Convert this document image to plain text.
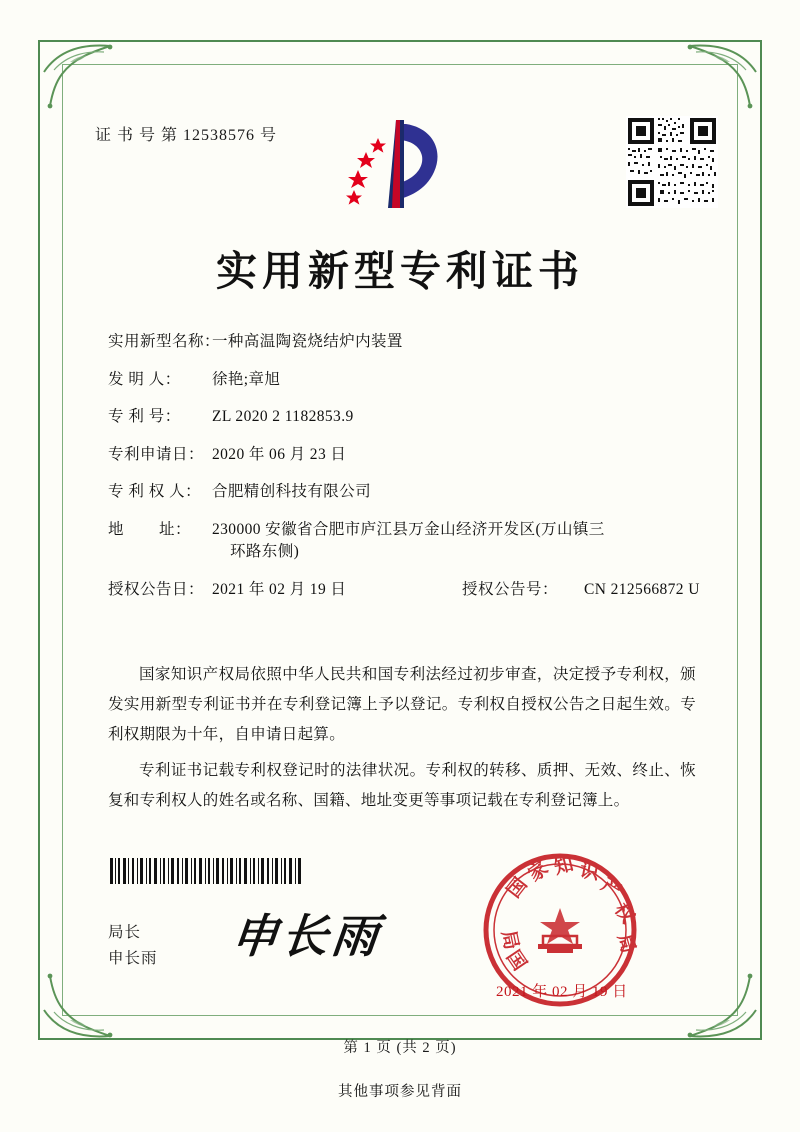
证 书 号 第 12538576 号
实用新型专利证书
实用新型名称：
一种高温陶瓷烧结炉内装置
发 明 人：	徐艳;章旭
专 利 号：	ZL 2020 2 1182853.9
专利申请日： 2020 年 06 月 23 日
专 利 权 人： 合肥精创科技有限公司
地        址：	230000 安徽省合肥市庐江县万金山经济开发区(万山镇三
环路东侧)
授权公告日： 2021 年 02 月 19 日	授权公告号：	CN 212566872 U

国家知识产权局依照中华人民共和国专利法经过初步审查，决定授予专利权，颁发实用新型专利证书并在专利登记簿上予以登记。专利权自授权公告之日起生效。专利权期限为十年，自申请日起算。

专利证书记载专利权登记时的法律状况。专利权的转移、质押、无效、终止、恢复和专利权人的姓名或名称、国籍、地址变更等事项记载在专利登记簿上。

局长
申长雨 申长雨
国
家 知 识
产
权
局
国
局
2021 年 02 月 19 日
第 1 页 (共 2 页)
其他事项参见背面
